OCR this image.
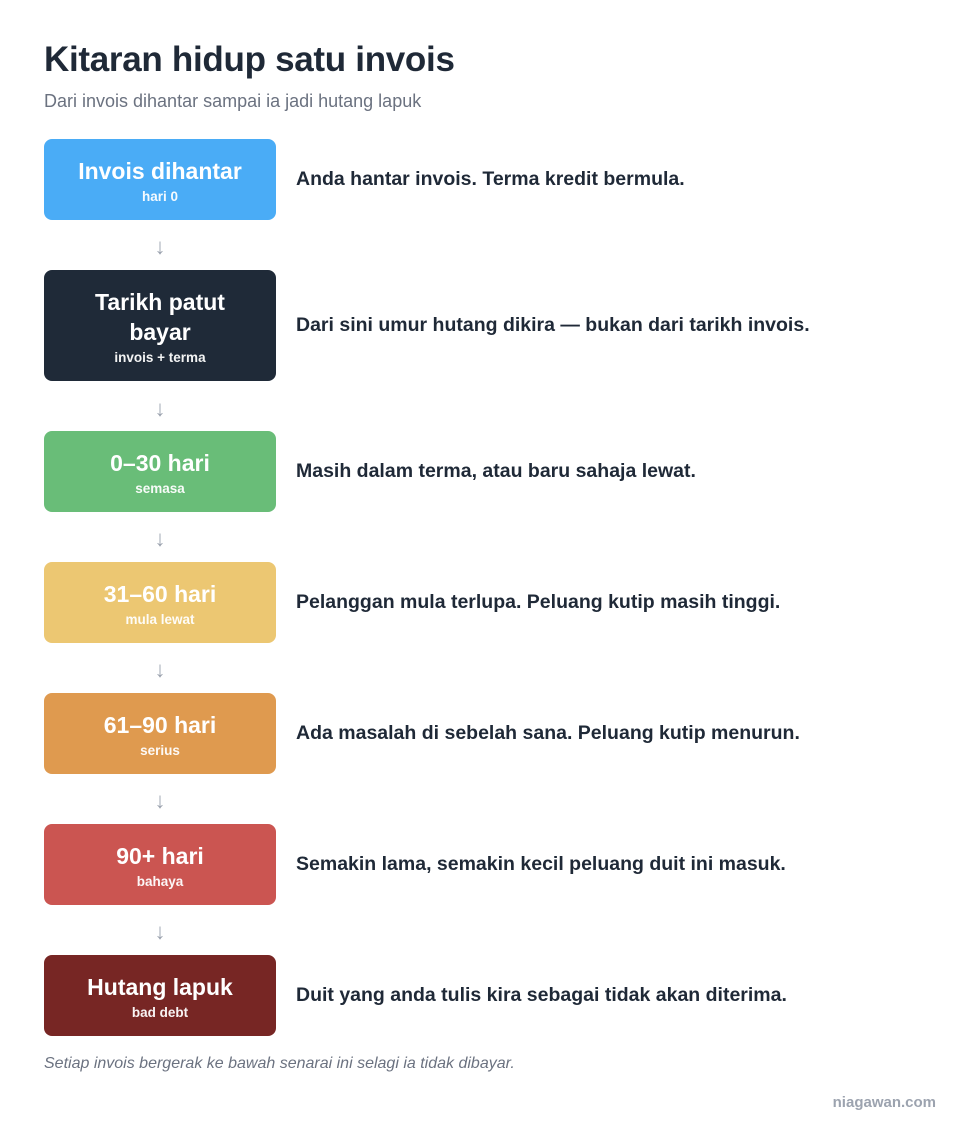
Kitaran hidup satu invois
Dari invois dihantar sampai ia jadi hutang lapuk
Invois dihantar
hari 0
Anda hantar invois. Terma kredit bermula.
Tarikh patut bayar
invois + terma
Dari sini umur hutang dikira — bukan dari tarikh invois.
0–30 hari
semasa
Masih dalam terma, atau baru sahaja lewat.
31–60 hari
mula lewat
Pelanggan mula terlupa. Peluang kutip masih tinggi.
61–90 hari
serius
Ada masalah di sebelah sana. Peluang kutip menurun.
90+ hari
bahaya
Semakin lama, semakin kecil peluang duit ini masuk.
Hutang lapuk
bad debt
Duit yang anda tulis kira sebagai tidak akan diterima.
↓
↓
↓
↓
↓
↓
Setiap invois bergerak ke bawah senarai ini selagi ia tidak dibayar.
niagawan.com
